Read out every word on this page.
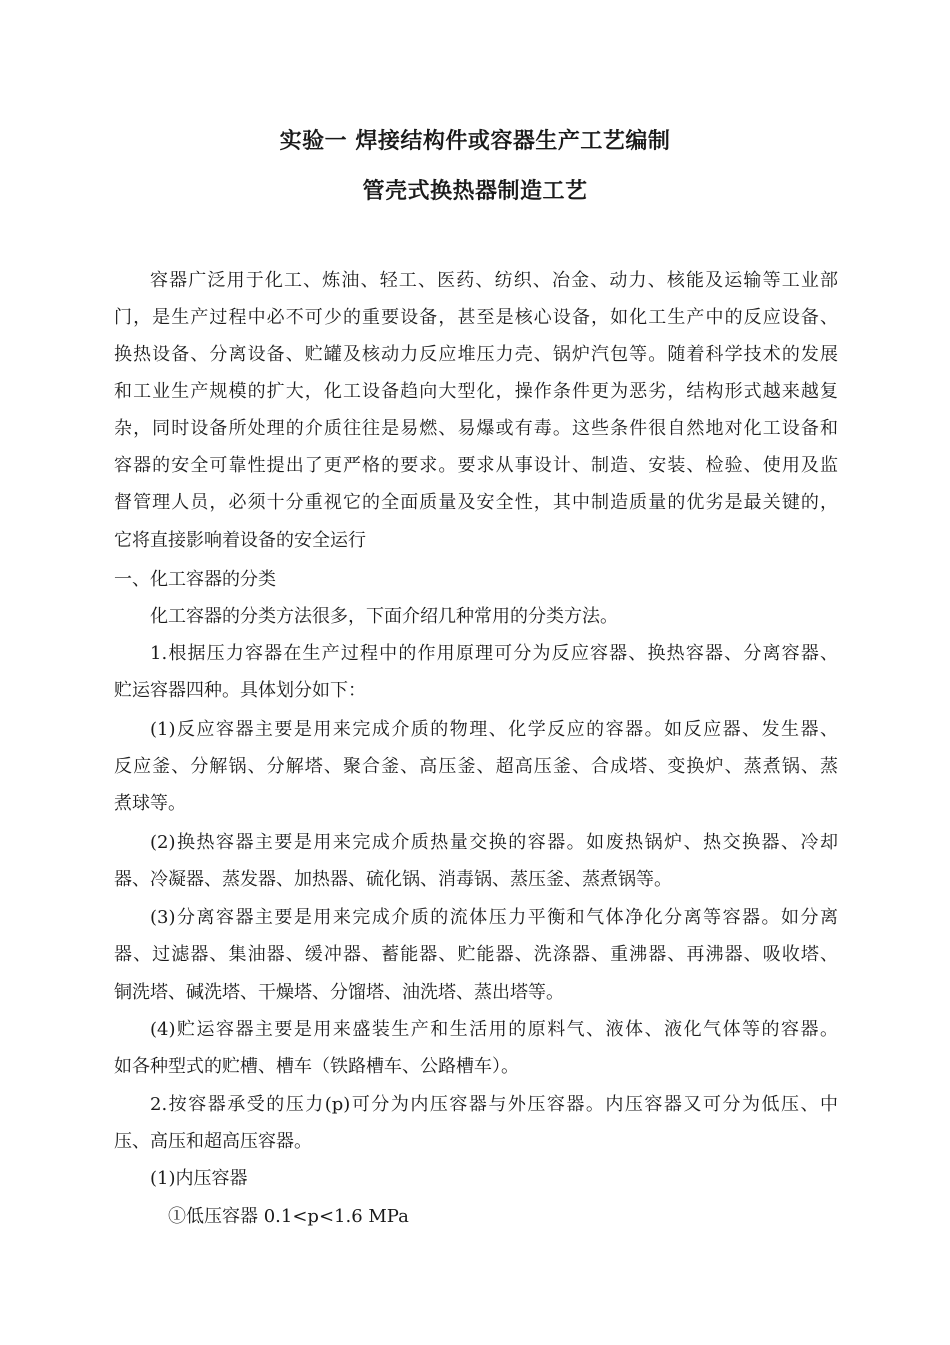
实验一 焊接结构件或容器生产工艺编制
管壳式换热器制造工艺
容器广泛用于化工、炼油、轻工、医药、纺织、冶金、动力、核能及运输等工业部
门，是生产过程中必不可少的重要设备，甚至是核心设备，如化工生产中的反应设备、
换热设备、分离设备、贮罐及核动力反应堆压力壳、锅炉汽包等。随着科学技术的发展
和工业生产规模的扩大，化工设备趋向大型化，操作条件更为恶劣，结构形式越来越复
杂，同时设备所处理的介质往往是易燃、易爆或有毒。这些条件很自然地对化工设备和
容器的安全可靠性提出了更严格的要求。要求从事设计、制造、安装、检验、使用及监
督管理人员，必须十分重视它的全面质量及安全性，其中制造质量的优劣是最关键的，
它将直接影响着设备的安全运行
一、化工容器的分类
化工容器的分类方法很多，下面介绍几种常用的分类方法。
1.根据压力容器在生产过程中的作用原理可分为反应容器、换热容器、分离容器、
贮运容器四种。具体划分如下：
(1)反应容器主要是用来完成介质的物理、化学反应的容器。如反应器、发生器、
反应釜、分解锅、分解塔、聚合釜、高压釜、超高压釜、合成塔、变换炉、蒸煮锅、蒸
煮球等。
(2)换热容器主要是用来完成介质热量交换的容器。如废热锅炉、热交换器、冷却
器、冷凝器、蒸发器、加热器、硫化锅、消毒锅、蒸压釜、蒸煮锅等。
(3)分离容器主要是用来完成介质的流体压力平衡和气体净化分离等容器。如分离
器、过滤器、集油器、缓冲器、蓄能器、贮能器、洗涤器、重沸器、再沸器、吸收塔、
铜洗塔、碱洗塔、干燥塔、分馏塔、油洗塔、蒸出塔等。
(4)贮运容器主要是用来盛装生产和生活用的原料气、液体、液化气体等的容器。
如各种型式的贮槽、槽车（铁路槽车、公路槽车）。
2.按容器承受的压力(p)可分为内压容器与外压容器。内压容器又可分为低压、中
压、高压和超高压容器。
(1)内压容器
①低压容器 0.1<p<1.6 MPa
